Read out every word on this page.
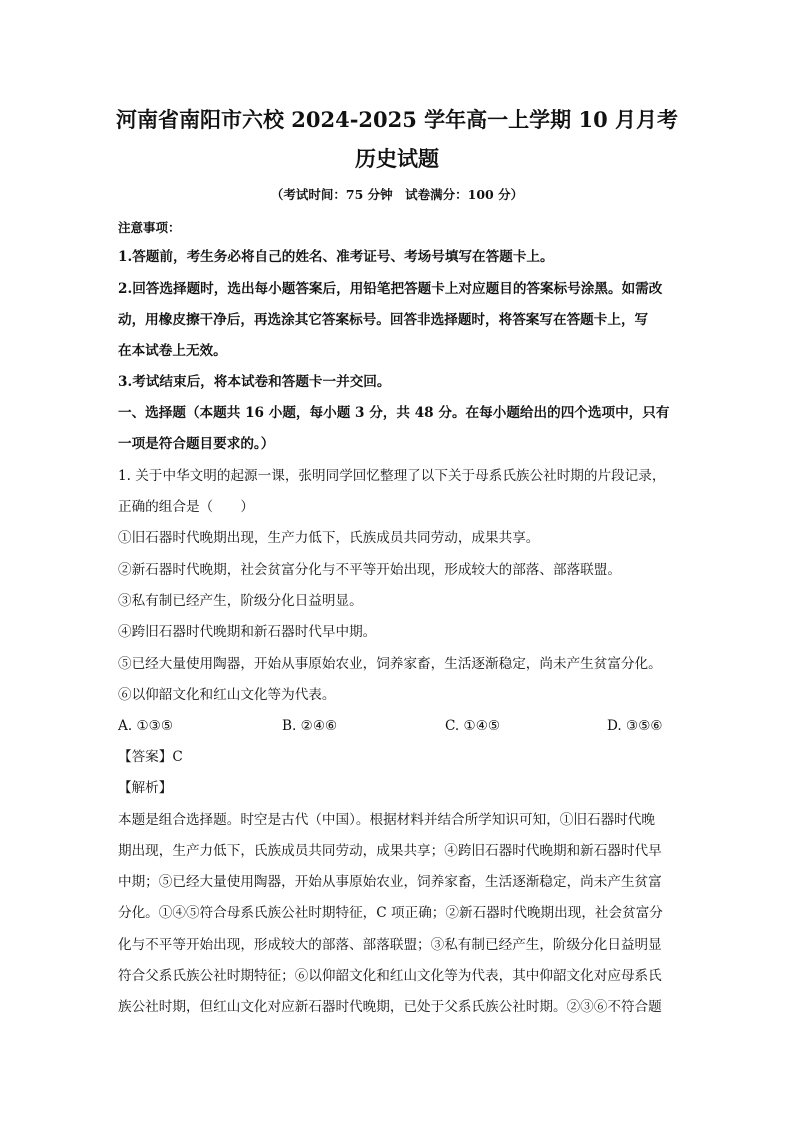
河南省南阳市六校 2024-2025 学年高一上学期 10 月月考
历史试题
（考试时间：75 分钟　试卷满分：100 分）
注意事项：
1.答题前，考生务必将自己的姓名、准考证号、考场号填写在答题卡上。
2.回答选择题时，选出每小题答案后，用铅笔把答题卡上对应题目的答案标号涂黑。如需改
动，用橡皮擦干净后，再选涂其它答案标号。回答非选择题时，将答案写在答题卡上，写
在本试卷上无效。
3.考试结束后，将本试卷和答题卡一并交回。
一、选择题（本题共 16 小题，每小题 3 分，共 48 分。在每小题给出的四个选项中，只有
一项是符合题目要求的。）
1. 关于中华文明的起源一课，张明同学回忆整理了以下关于母系氏族公社时期的片段记录，
正确的组合是（　　）
①旧石器时代晚期出现，生产力低下，氏族成员共同劳动，成果共享。
②新石器时代晚期，社会贫富分化与不平等开始出现，形成较大的部落、部落联盟。
③私有制已经产生，阶级分化日益明显。
④跨旧石器时代晚期和新石器时代早中期。
⑤已经大量使用陶器，开始从事原始农业，饲养家畜，生活逐渐稳定，尚未产生贫富分化。
⑥以仰韶文化和红山文化等为代表。
A. ①③⑤	B. ②④⑥	C. ①④⑤	D. ③⑤⑥
【答案】C
【解析】
本题是组合选择题。时空是古代（中国）。根据材料并结合所学知识可知，①旧石器时代晚
期出现，生产力低下，氏族成员共同劳动，成果共享；④跨旧石器时代晚期和新石器时代早
中期；⑤已经大量使用陶器，开始从事原始农业，饲养家畜，生活逐渐稳定，尚未产生贫富
分化。①④⑤符合母系氏族公社时期特征，C 项正确；②新石器时代晚期出现，社会贫富分
化与不平等开始出现，形成较大的部落、部落联盟；③私有制已经产生，阶级分化日益明显
符合父系氏族公社时期特征；⑥以仰韶文化和红山文化等为代表，其中仰韶文化对应母系氏
族公社时期，但红山文化对应新石器时代晚期，已处于父系氏族公社时期。②③⑥不符合题
